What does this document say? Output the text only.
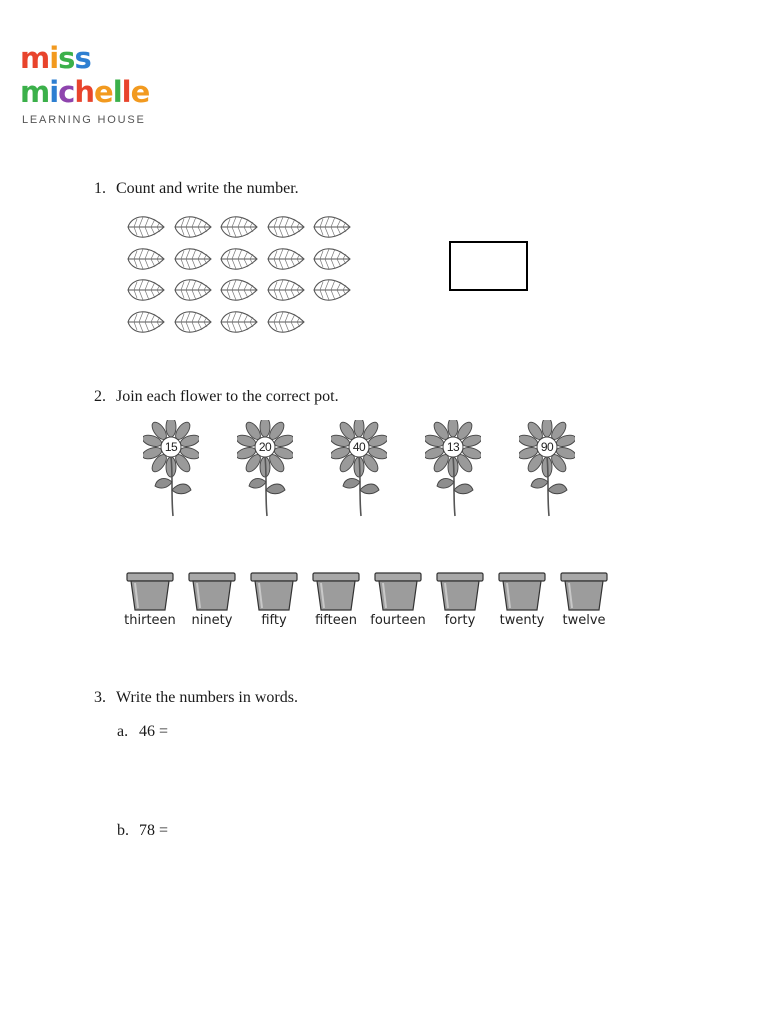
miss
michelle
LEARNING HOUSE
1. Count and write the number.
2. Join each flower to the correct pot.
15	20	40	13	90
thirteen	ninety	fifty	fifteen	fourteen	forty	twenty	twelve
3. Write the numbers in words.
a. 46 =
b. 78 =
